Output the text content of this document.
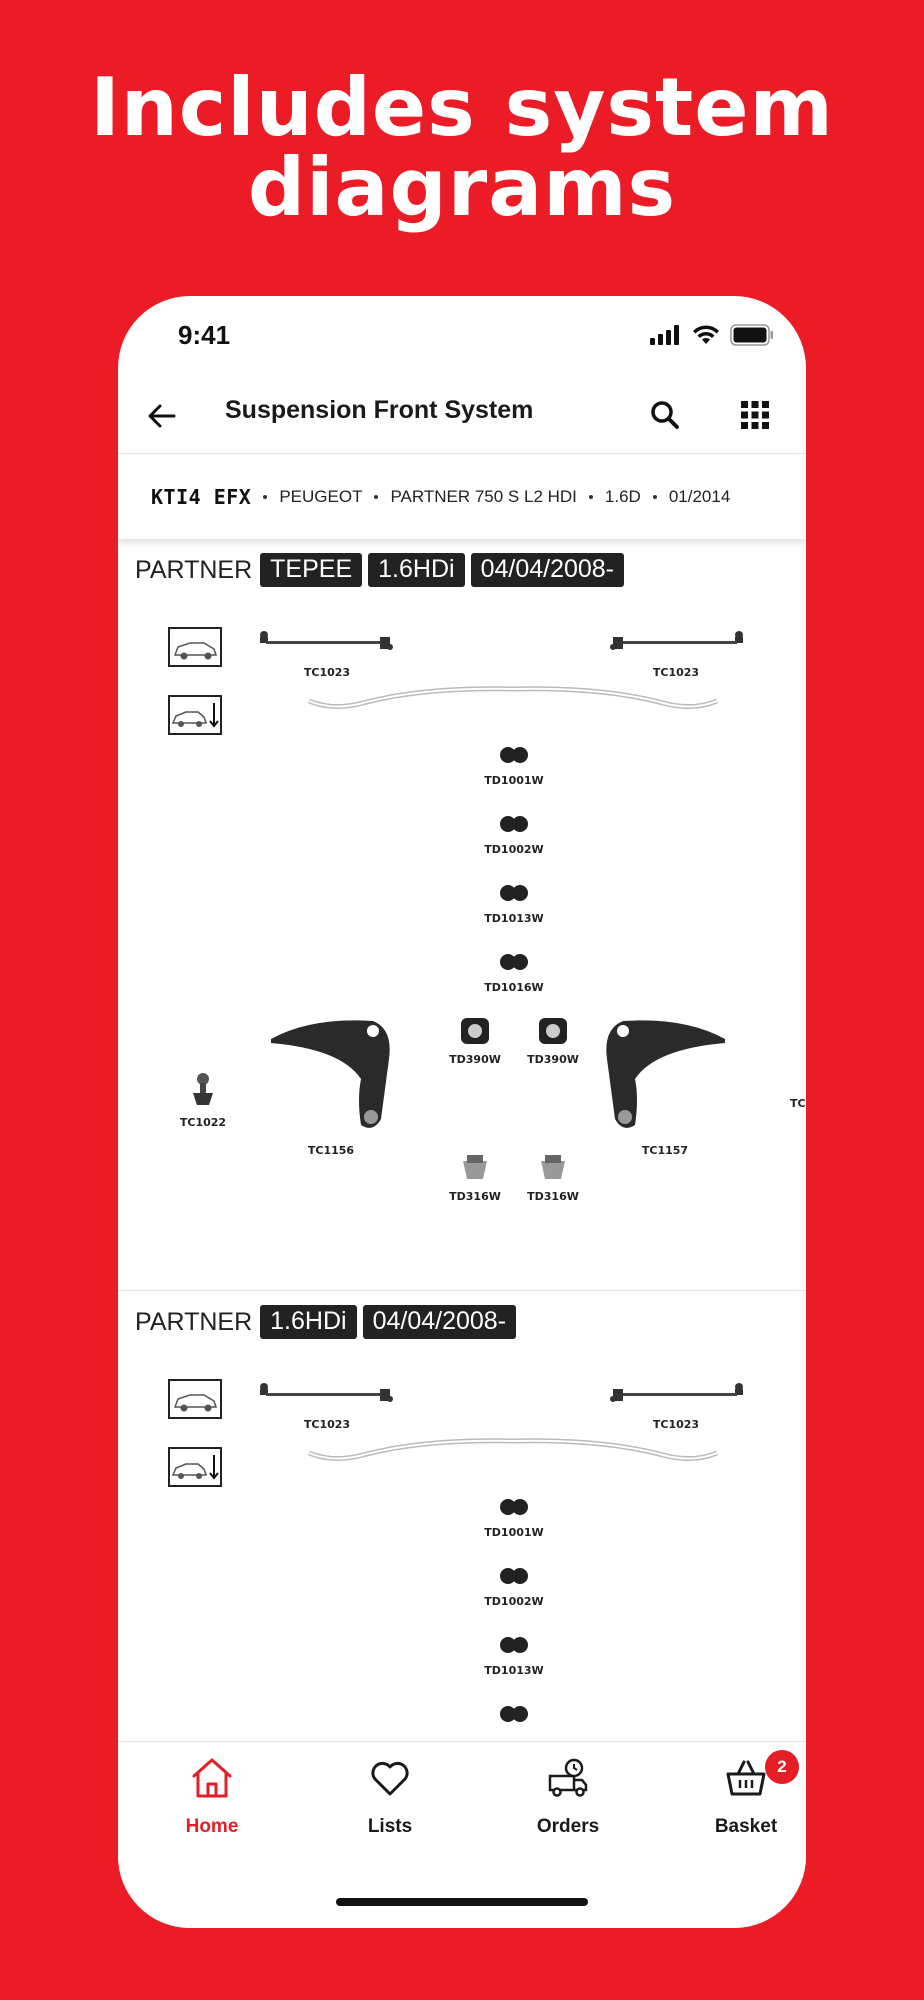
Includes system
diagrams
9:41
Suspension Front System
KTI4 EFX PEUGEOT PARTNER 750 S L2 HDI 1.6D 01/2014
PARTNER TEPEE	1.6HDi	04/04/2008-
TC1023	TC1023
TD1001W
TD1002W
TD1013W
TD1016W
TC1022
TC1156	TC1157
TD390W	TD390W
TD316W	TD316W
TC
PARTNER 1.6HDi	04/04/2008-
TC1023	TC1023
TD1001W
TD1002W
TD1013W
Home	Lists	Orders
2
Basket
